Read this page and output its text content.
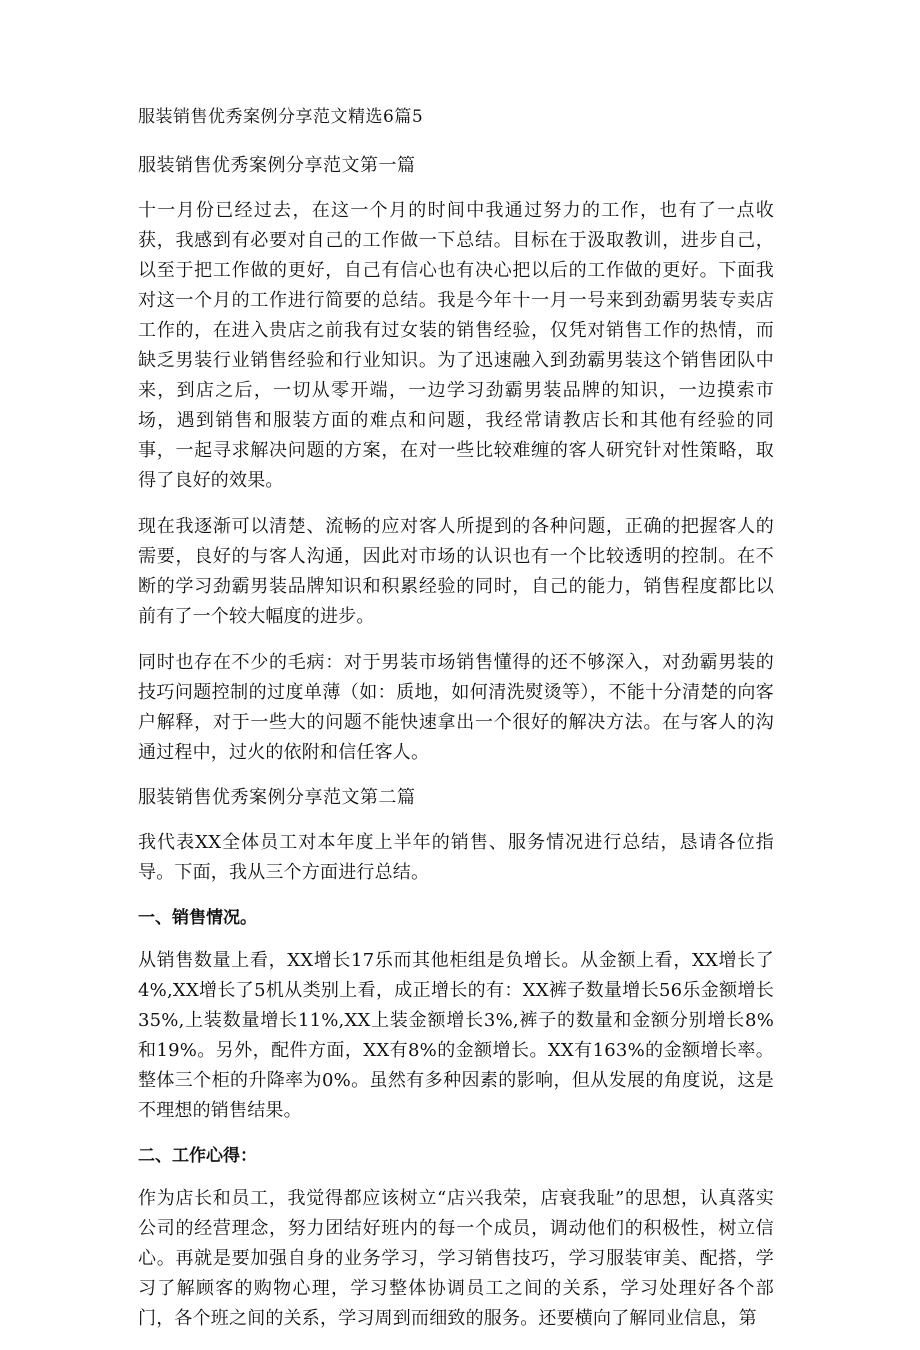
服装销售优秀案例分享范文精选6篇5
服装销售优秀案例分享范文第一篇

十一月份已经过去，在这一个月的时间中我通过努力的工作，也有了一点收获，我感到有必要对自己的工作做一下总结。目标在于汲取教训，进步自己，以至于把工作做的更好，自己有信心也有决心把以后的工作做的更好。下面我对这一个月的工作进行简要的总结。我是今年十一月一号来到劲霸男装专卖店工作的，在进入贵店之前我有过女装的销售经验，仅凭对销售工作的热情，而缺乏男装行业销售经验和行业知识。为了迅速融入到劲霸男装这个销售团队中来，到店之后，一切从零开端，一边学习劲霸男装品牌的知识，一边摸索市场，遇到销售和服装方面的难点和问题，我经常请教店长和其他有经验的同事，一起寻求解决问题的方案，在对一些比较难缠的客人研究针对性策略，取得了良好的效果。

现在我逐渐可以清楚、流畅的应对客人所提到的各种问题，正确的把握客人的需要，良好的与客人沟通，因此对市场的认识也有一个比较透明的控制。在不断的学习劲霸男装品牌知识和积累经验的同时，自己的能力，销售程度都比以前有了一个较大幅度的进步。

同时也存在不少的毛病：对于男装市场销售懂得的还不够深入，对劲霸男装的技巧问题控制的过度单薄（如：质地，如何清洗熨烫等），不能十分清楚的向客户解释，对于一些大的问题不能快速拿出一个很好的解决方法。在与客人的沟通过程中，过火的依附和信任客人。

服装销售优秀案例分享范文第二篇

我代表XX全体员工对本年度上半年的销售、服务情况进行总结，恳请各位指导。下面，我从三个方面进行总结。

一、销售情况。

从销售数量上看，XX增长17乐而其他柜组是负增长。从金额上看，XX增长了4%,XX增长了5机从类别上看，成正增长的有：XX裤子数量增长56乐金额增长35%,上装数量增长11%,XX上装金额增长3%,裤子的数量和金额分别增长8%和19%。另外，配件方面，XX有8%的金额增长。XX有163%的金额增长率。整体三个柜的升降率为0%。虽然有多种因素的影响，但从发展的角度说，这是不理想的销售结果。

二、工作心得：

作为店长和员工，我觉得都应该树立“店兴我荣，店衰我耻”的思想，认真落实公司的经营理念，努力团结好班内的每一个成员，调动他们的积极性，树立信心。再就是要加强自身的业务学习，学习销售技巧，学习服装审美、配搭，学习了解顾客的购物心理，学习整体协调员工之间的关系，学习处理好各个部门，各个班之间的关系，学习周到而细致的服务。还要横向了解同业信息，第
